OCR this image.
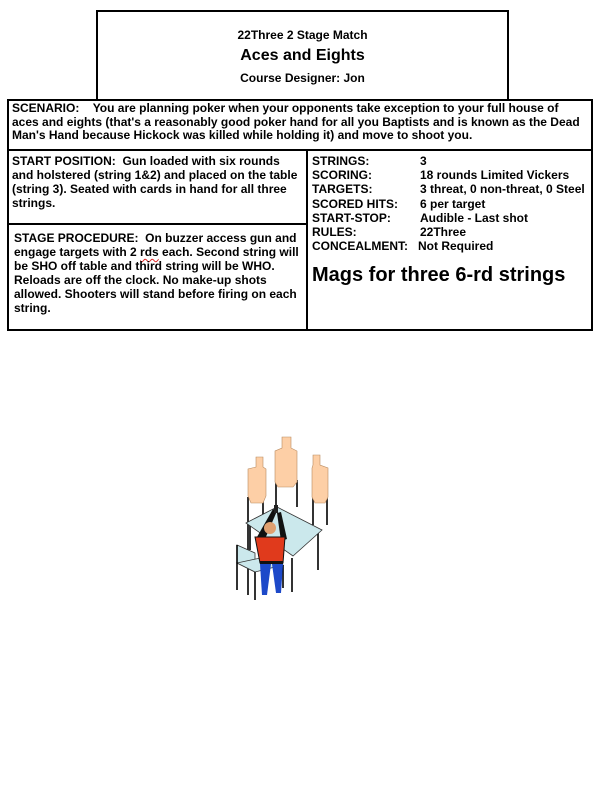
22Three 2 Stage Match
Aces and Eights
Course Designer: Jon
SCENARIO: You are planning poker when your opponents take exception to your full house of aces and eights (that's a reasonably good poker hand for all you Baptists and is known as the Dead Man's Hand because Hickock was killed while holding it) and move to shoot you.
START POSITION: Gun loaded with six rounds and holstered (string 1&2) and placed on the table (string 3). Seated with cards in hand for all three strings.
STAGE PROCEDURE: On buzzer access gun and engage targets with 2 rds each. Second string will be SHO off table and third string will be WHO. Reloads are off the clock. No make-up shots allowed. Shooters will stand before firing on each string.
STRINGS:	3
SCORING:	18 rounds Limited Vickers
TARGETS:	3 threat, 0 non-threat, 0 Steel
SCORED HITS:	6 per target
START-STOP:	Audible - Last shot
RULES:	22Three
CONCEALMENT: Not Required
Mags for three 6-rd strings
